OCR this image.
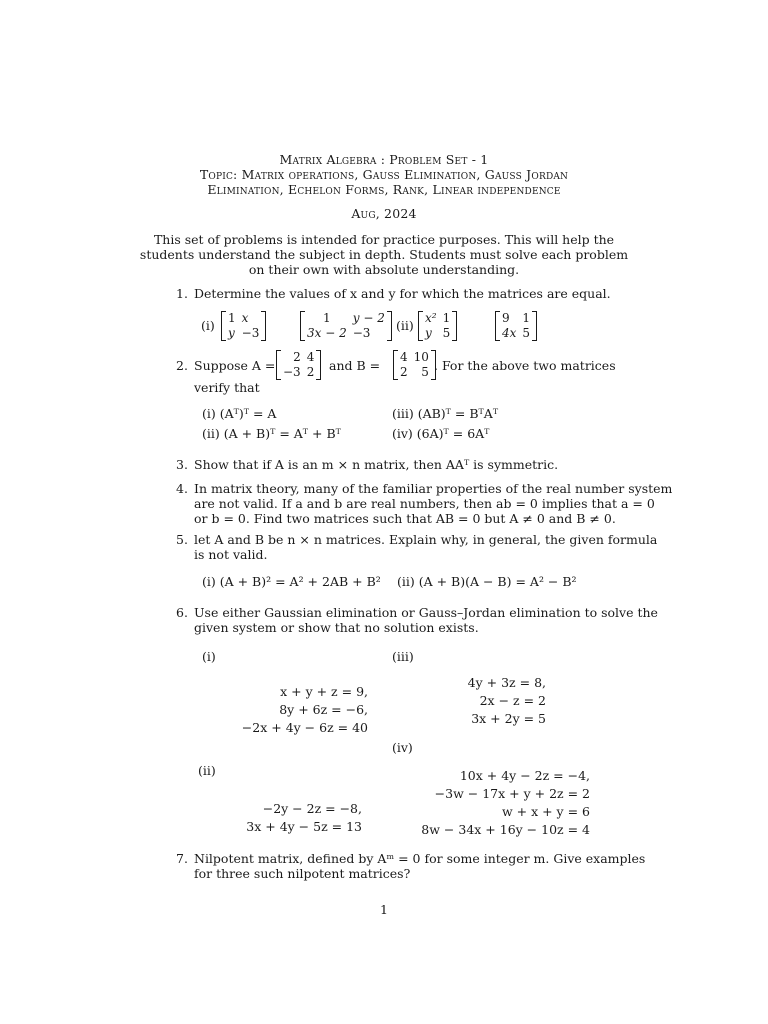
Matrix Algebra : Problem Set - 1
Topic: Matrix operations, Gauss Elimination, Gauss Jordan
Elimination, Echelon Forms, Rank, Linear independence
Aug, 2024
This set of problems is intended for practice purposes. This will help the
students understand the subject in depth. Students must solve each problem
on their own with absolute understanding.
1. Determine the values of x and y for which the matrices are equal.
(i) 1	x
y	−3
1	y − 2
3x − 2	−3 (ii) x²	1
y	5
9	1
4x	5
2. Suppose A =
2	4
−3	2 and B =
4	10
2	5 . For the above two matrices
verify that
(i) (Aᵀ)ᵀ = A
(ii) (A + B)ᵀ = Aᵀ + Bᵀ
(iii) (AB)ᵀ = BᵀAᵀ
(iv) (6A)ᵀ = 6Aᵀ
3. Show that if A is an m × n matrix, then AAᵀ is symmetric.
4. In matrix theory, many of the familiar properties of the real number system
are not valid. If a and b are real numbers, then ab = 0 implies that a = 0
or b = 0. Find two matrices such that AB = 0 but A ≠ 0 and B ≠ 0.
5. let A and B be n × n matrices. Explain why, in general, the given formula
is not valid.
(i) (A + B)² = A² + 2AB + B² (ii) (A + B)(A − B) = A² − B²
6. Use either Gaussian elimination or Gauss–Jordan elimination to solve the
given system or show that no solution exists.
(i)	(iii)
x + y + z = 9,
8y + 6z = −6,
−2x + 4y − 6z = 40
4y + 3z = 8,
2x − z = 2
3x + 2y = 5
(iv)
(ii)	10x + 4y − 2z = −4,
−3w − 17x + y + 2z = 2
w + x + y = 6
8w − 34x + 16y − 10z = 4
−2y − 2z = −8,
3x + 4y − 5z = 13
7. Nilpotent matrix, defined by Aᵐ = 0 for some integer m. Give examples
for three such nilpotent matrices?
1
